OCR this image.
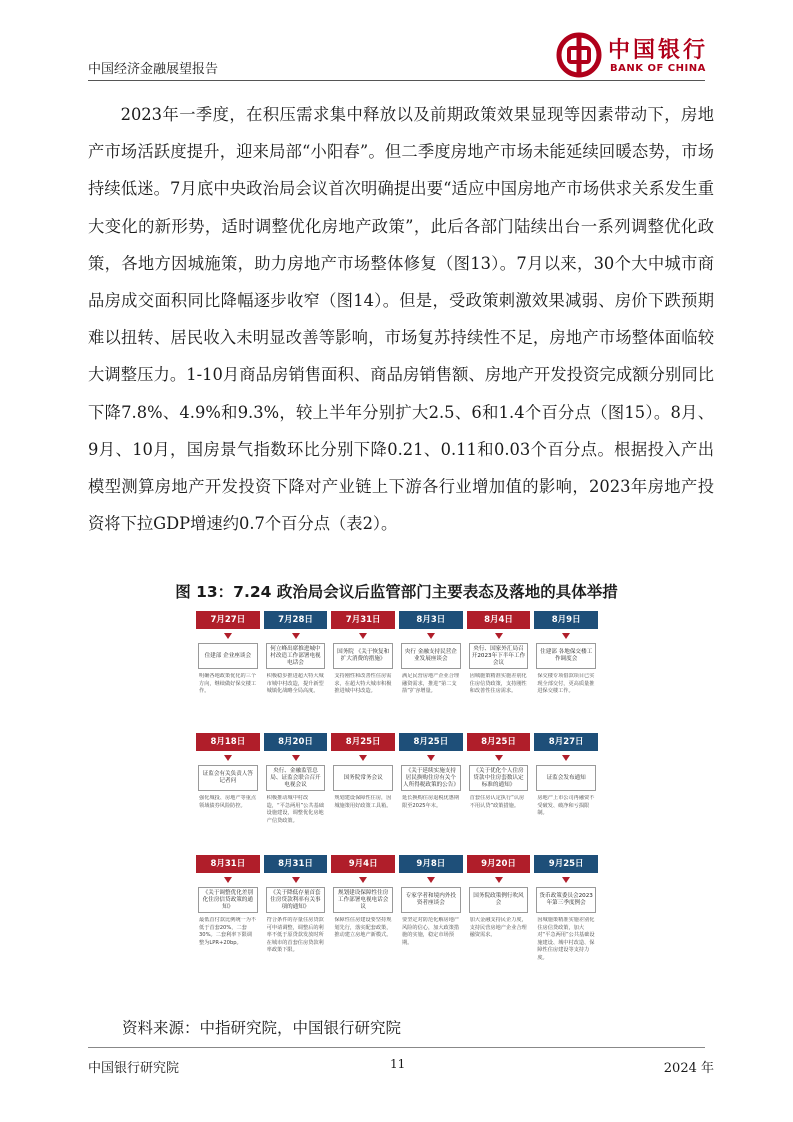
中国经济金融展望报告
中国银行
BANK OF CHINA
2023年一季度，在积压需求集中释放以及前期政策效果显现等因素带动下，房地产市场活跃度提升，迎来局部“小阳春”。但二季度房地产市场未能延续回暖态势，市场持续低迷。7月底中央政治局会议首次明确提出要“适应中国房地产市场供求关系发生重大变化的新形势，适时调整优化房地产政策”，此后各部门陆续出台一系列调整优化政策，各地方因城施策，助力房地产市场整体修复（图13）。7月以来，30个大中城市商品房成交面积同比降幅逐步收窄（图14）。但是，受政策刺激效果减弱、房价下跌预期难以扭转、居民收入未明显改善等影响，市场复苏持续性不足，房地产市场整体面临较大调整压力。1-10月商品房销售面积、商品房销售额、房地产开发投资完成额分别同比下降7.8%、4.9%和9.3%，较上半年分别扩大2.5、6和1.4个百分点（图15）。8月、9月、10月，国房景气指数环比分别下降0.21、0.11和0.03个百分点。根据投入产出模型测算房地产开发投资下降对产业链上下游各行业增加值的影响，2023年房地产投资将下拉GDP增速约0.7个百分点（表2）。
图 13：7.24 政治局会议后监管部门主要表态及落地的具体举措
7月27日
住建部 企业座谈会
明确各地政策优化的三个方向，继续做好保交楼工作。
7月28日
何立峰出席推进城中村改造工作部署电视电话会
积极稳步推进超大特大城市城中村改造，提升新型城镇化战略全局高度。
7月31日
国务院 《关于恢复和扩大消费的措施》
支持刚性和改善性住房需求，在超大特大城市积极推进城中村改造。
8月3日
央行 金融支持民营企业发展座谈会
满足民营房地产企业合理融资需求，推进“第二支箭”扩容增量。
8月4日
央行、国家外汇局召开2023年下半年工作会议
因城施策精准实施差别化住房信贷政策，支持刚性和改善性住房需求。
8月9日
住建部 各地保交楼工作调度会
保交楼专项借款项目已实现全部交付，更高质量推进保交楼工作。
8月18日
证监会有关负责人答记者问
强化城投、房地产等重点领域债券风险防控。
8月20日
央行、金融监管总局、证监会联合召开电视会议
积极推动城中村改造，“平急两用”公共基础设施建设，调整优化房地产信贷政策。
8月25日
国务院常务会议
规划建设保障性住房，因城施策用好政策工具箱。
8月25日
《关于延续实施支持居民换购住房有关个人所得税政策的公告》
延长换购住房退税优惠期限至2025年末。
8月25日
《关于优化个人住房贷款中住房套数认定标准的通知》
首套住房认定执行“认房不用认贷”政策措施。
8月27日
证监会发布通知
房地产上市公司再融资不受破发、破净和亏损限制。
8月31日
《关于调整优化差别化住房信贷政策的通知》
最低首付款比例统一为不低于首套20%，二套30%。二套利率下限调整为LPR+20bp。
8月31日
《关于降低存量首套住房贷款利率有关事项的通知》
符合条件的存量住房贷款可申请调整，调整后的利率不低于原贷款发放时所在城市的首套住房贷款利率政策下限。
9月4日
规划建设保障性住房工作部署电视电话会议
保障性住房建设要坚持规划先行，落实配套政策，推动建立房地产新模式。
9月8日
专家学者和境内外投资者座谈会
要坚定对防范化解房地产风险的信心，加大政策措施的实施，稳定市场预期。
9月20日
国务院政策例行吹风会
加大金融支持民企力度，支持民营房地产企业合理融资需求。
9月25日
货币政策委员会2023年第三季度例会
因城施策精准实施差别化住房信贷政策，加大对“平急两用”公共基础设施建设、城中村改造、保障性住房建设等支持力度。
资料来源：中指研究院，中国银行研究院
中国银行研究院	11	2024 年
